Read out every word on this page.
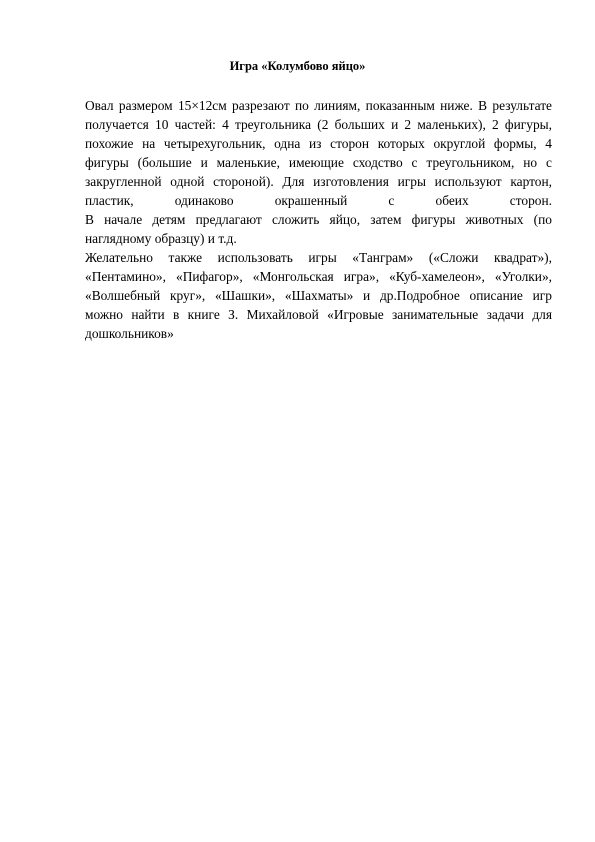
Игра «Колумбово яйцо»
Овал размером 15×12см разрезают по линиям, показанным ниже. В результате
получается 10 частей: 4 треугольника (2 больших и 2 маленьких), 2 фигуры,
похожие на четырехугольник, одна из сторон которых округлой формы, 4
фигуры (большие и маленькие, имеющие сходство с треугольником, но с
закругленной одной стороной). Для изготовления игры используют картон,
пластик, одинаково окрашенный с обеих сторон.
В начале детям предлагают сложить яйцо, затем фигуры животных (по
наглядному образцу) и т.д.
Желательно также использовать игры «Танграм» («Сложи квадрат»),
«Пентамино», «Пифагор», «Монгольская игра», «Куб-хамелеон», «Уголки»,
«Волшебный круг», «Шашки», «Шахматы» и др.Подробное описание игр
можно найти в книге З. Михайловой «Игровые занимательные задачи для
дошкольников»
